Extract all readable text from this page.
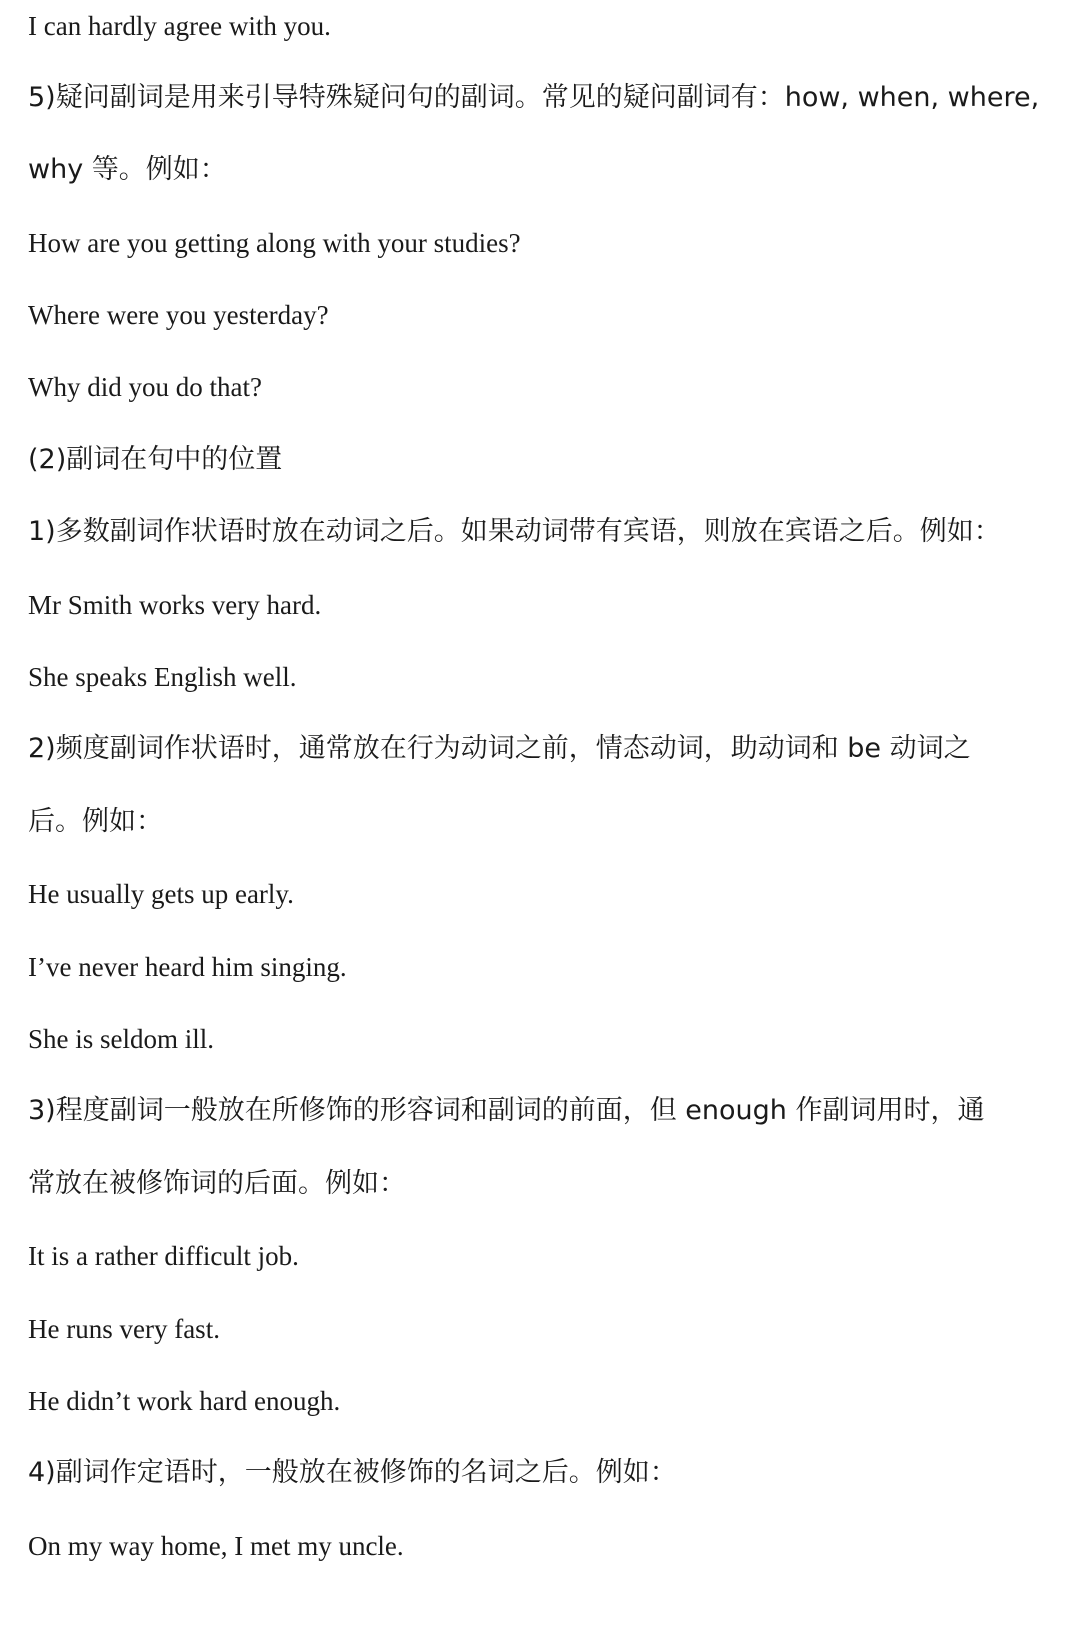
I can hardly agree with you.

5)疑问副词是用来引导特殊疑问句的副词。常见的疑问副词有：how, when, where,

why 等。例如：

How are you getting along with your studies?

Where were you yesterday?

Why did you do that?

(2)副词在句中的位置

1)多数副词作状语时放在动词之后。如果动词带有宾语，则放在宾语之后。例如：

Mr Smith works very hard.

She speaks English well.

2)频度副词作状语时，通常放在行为动词之前，情态动词，助动词和 be 动词之

后。例如：

He usually gets up early.

I’ve never heard him singing.

She is seldom ill.

3)程度副词一般放在所修饰的形容词和副词的前面，但 enough 作副词用时，通

常放在被修饰词的后面。例如：

It is a rather difficult job.

He runs very fast.

He didn’t work hard enough.

4)副词作定语时，一般放在被修饰的名词之后。例如：

On my way home, I met my uncle.
